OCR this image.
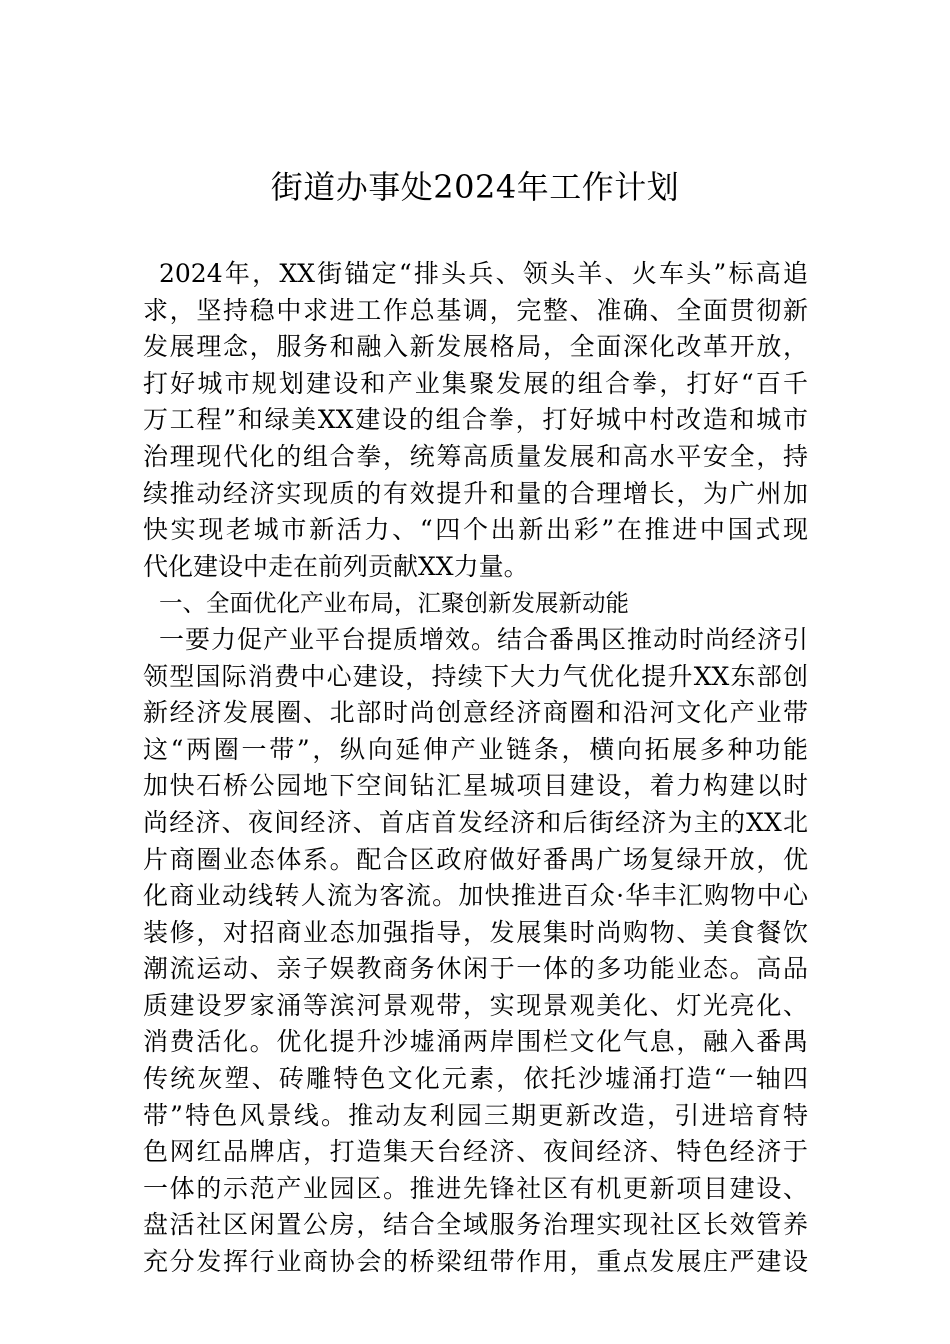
街道办事处2024年工作计划

2024年，XX街锚定“排头兵、领头羊、火车头”标高追

求，坚持稳中求进工作总基调，完整、准确、全面贯彻新

发展理念，服务和融入新发展格局，全面深化改革开放，

打好城市规划建设和产业集聚发展的组合拳，打好“百千

万工程”和绿美XX建设的组合拳，打好城中村改造和城市

治理现代化的组合拳，统筹高质量发展和高水平安全，持

续推动经济实现质的有效提升和量的合理增长，为广州加

快实现老城市新活力、“四个出新出彩”在推进中国式现

代化建设中走在前列贡献XX力量。

一、全面优化产业布局，汇聚创新发展新动能

一要力促产业平台提质增效。结合番禺区推动时尚经济引

领型国际消费中心建设，持续下大力气优化提升XX东部创

新经济发展圈、北部时尚创意经济商圈和沿河文化产业带

这“两圈一带”，纵向延伸产业链条，横向拓展多种功能

加快石桥公园地下空间钻汇星城项目建设，着力构建以时

尚经济、夜间经济、首店首发经济和后街经济为主的XX北

片商圈业态体系。配合区政府做好番禺广场复绿开放，优

化商业动线转人流为客流。加快推进百众·华丰汇购物中心

装修，对招商业态加强指导，发展集时尚购物、美食餐饮

潮流运动、亲子娱教商务休闲于一体的多功能业态。高品

质建设罗家涌等滨河景观带，实现景观美化、灯光亮化、

消费活化。优化提升沙墟涌两岸围栏文化气息，融入番禺

传统灰塑、砖雕特色文化元素，依托沙墟涌打造“一轴四

带”特色风景线。推动友利园三期更新改造，引进培育特

色网红品牌店，打造集天台经济、夜间经济、特色经济于

一体的示范产业园区。推进先锋社区有机更新项目建设、

盘活社区闲置公房，结合全域服务治理实现社区长效管养

充分发挥行业商协会的桥梁纽带作用，重点发展庄严建设
